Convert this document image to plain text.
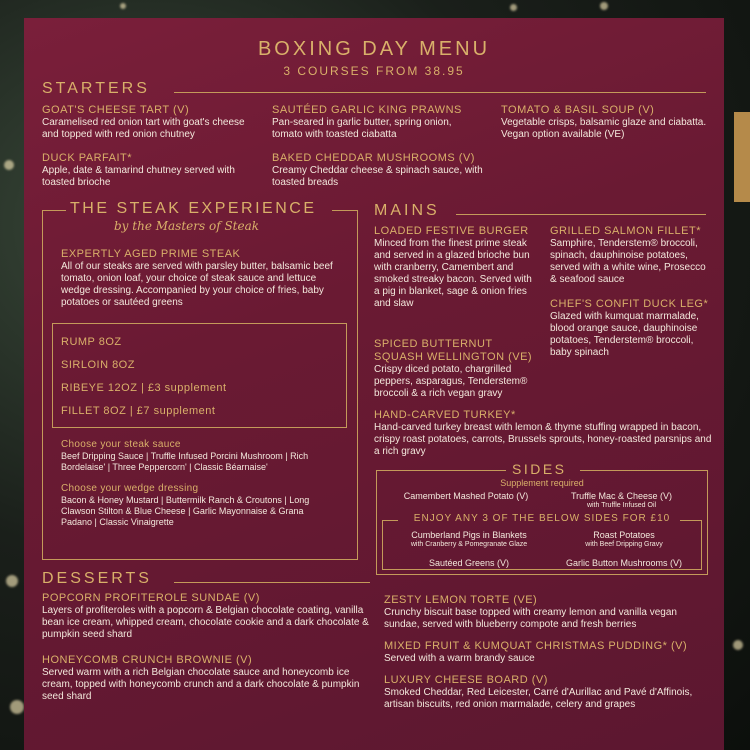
BOXING DAY MENU
3 COURSES FROM 38.95
STARTERS
GOAT'S CHEESE TART (V)
Caramelised red onion tart with goat's cheese and topped with red onion chutney
SAUTÉED GARLIC KING PRAWNS
Pan-seared in garlic butter, spring onion, tomato with toasted ciabatta
TOMATO & BASIL SOUP (V)
Vegetable crisps, balsamic glaze and ciabatta. Vegan option available (VE)
DUCK PARFAIT*
Apple, date & tamarind chutney served with toasted brioche
BAKED CHEDDAR MUSHROOMS (V)
Creamy Cheddar cheese & spinach sauce, with toasted breads
THE STEAK EXPERIENCE
by the Masters of Steak
EXPERTLY AGED PRIME STEAK
All of our steaks are served with parsley butter, balsamic beef tomato, onion loaf, your choice of steak sauce and lettuce wedge dressing. Accompanied by your choice of fries, baby potatoes or sautéed greens
RUMP 8OZ
SIRLOIN 8OZ
RIBEYE 12OZ | £3 supplement
FILLET 8OZ | £7 supplement
Choose your steak sauce
Beef Dripping Sauce | Truffle Infused Porcini Mushroom | Rich Bordelaise' | Three Peppercorn' | Classic Béarnaise'
Choose your wedge dressing
Bacon & Honey Mustard | Buttermilk Ranch & Croutons | Long Clawson Stilton & Blue Cheese | Garlic Mayonnaise & Grana Padano | Classic Vinaigrette
MAINS
LOADED FESTIVE BURGER
Minced from the finest prime steak and served in a glazed brioche bun with cranberry, Camembert and smoked streaky bacon. Served with a pig in blanket, sage & onion fries and slaw
GRILLED SALMON FILLET*
Samphire, Tenderstem® broccoli, spinach, dauphinoise potatoes, served with a white wine, Prosecco & seafood sauce
CHEF'S CONFIT DUCK LEG*
Glazed with kumquat marmalade, blood orange sauce, dauphinoise potatoes, Tenderstem® broccoli, baby spinach
SPICED BUTTERNUT SQUASH WELLINGTON (VE)
Crispy diced potato, chargrilled peppers, asparagus, Tenderstem® broccoli & a rich vegan gravy
HAND-CARVED TURKEY*
Hand-carved turkey breast with lemon & thyme stuffing wrapped in bacon, crispy roast potatoes, carrots, Brussels sprouts, honey-roasted parsnips and a rich gravy
SIDES
Supplement required
Camembert Mashed Potato (V)	Truffle Mac & Cheese (V)
with Truffle Infused Oil
ENJOY ANY 3 OF THE BELOW SIDES FOR £10
Cumberland Pigs in Blankets
with Cranberry & Pomegranate Glaze
Roast Potatoes
with Beef Dripping Gravy
Sautéed Greens (V)	Garlic Button Mushrooms (V)
DESSERTS
POPCORN PROFITEROLE SUNDAE (V)
Layers of profiteroles with a popcorn & Belgian chocolate coating, vanilla bean ice cream, whipped cream, chocolate cookie and a dark chocolate & pumpkin seed shard
ZESTY LEMON TORTE (VE)
Crunchy biscuit base topped with creamy lemon and vanilla vegan sundae, served with blueberry compote and fresh berries
MIXED FRUIT & KUMQUAT CHRISTMAS PUDDING* (V)
Served with a warm brandy sauce
HONEYCOMB CRUNCH BROWNIE (V)
Served warm with a rich Belgian chocolate sauce and honeycomb ice cream, topped with honeycomb crunch and a dark chocolate & pumpkin seed shard
LUXURY CHEESE BOARD (V)
Smoked Cheddar, Red Leicester, Carré d'Aurillac and Pavé d'Affinois, artisan biscuits, red onion marmalade, celery and grapes
